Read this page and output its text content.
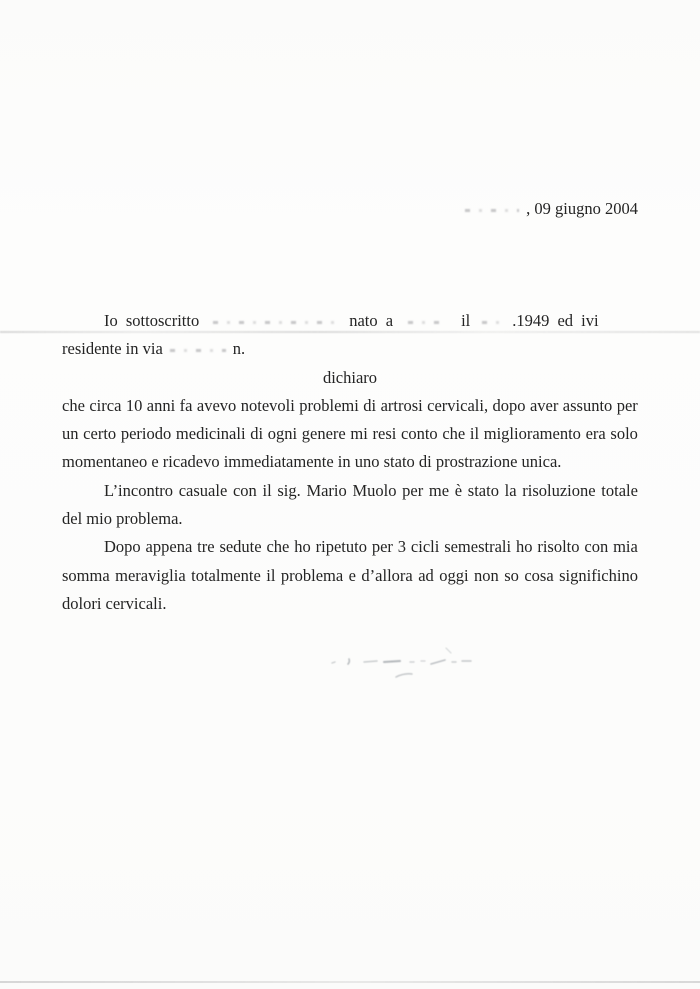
, 09 giugno 2004
Io sottoscritto	nato a	il	.1949 ed ivi
residente in via	n.
dichiaro
che circa 10 anni fa avevo notevoli problemi di artrosi cervicali, dopo aver assunto per
un certo periodo medicinali di ogni genere mi resi conto che il miglioramento era solo
momentaneo e ricadevo immediatamente in uno stato di prostrazione unica.
L’incontro casuale con il sig. Mario Muolo per me è stato la risoluzione totale
del mio problema.
Dopo appena tre sedute che ho ripetuto per 3 cicli semestrali ho risolto con mia
somma meraviglia totalmente il problema e d’allora ad oggi non so cosa significhino
dolori cervicali.
